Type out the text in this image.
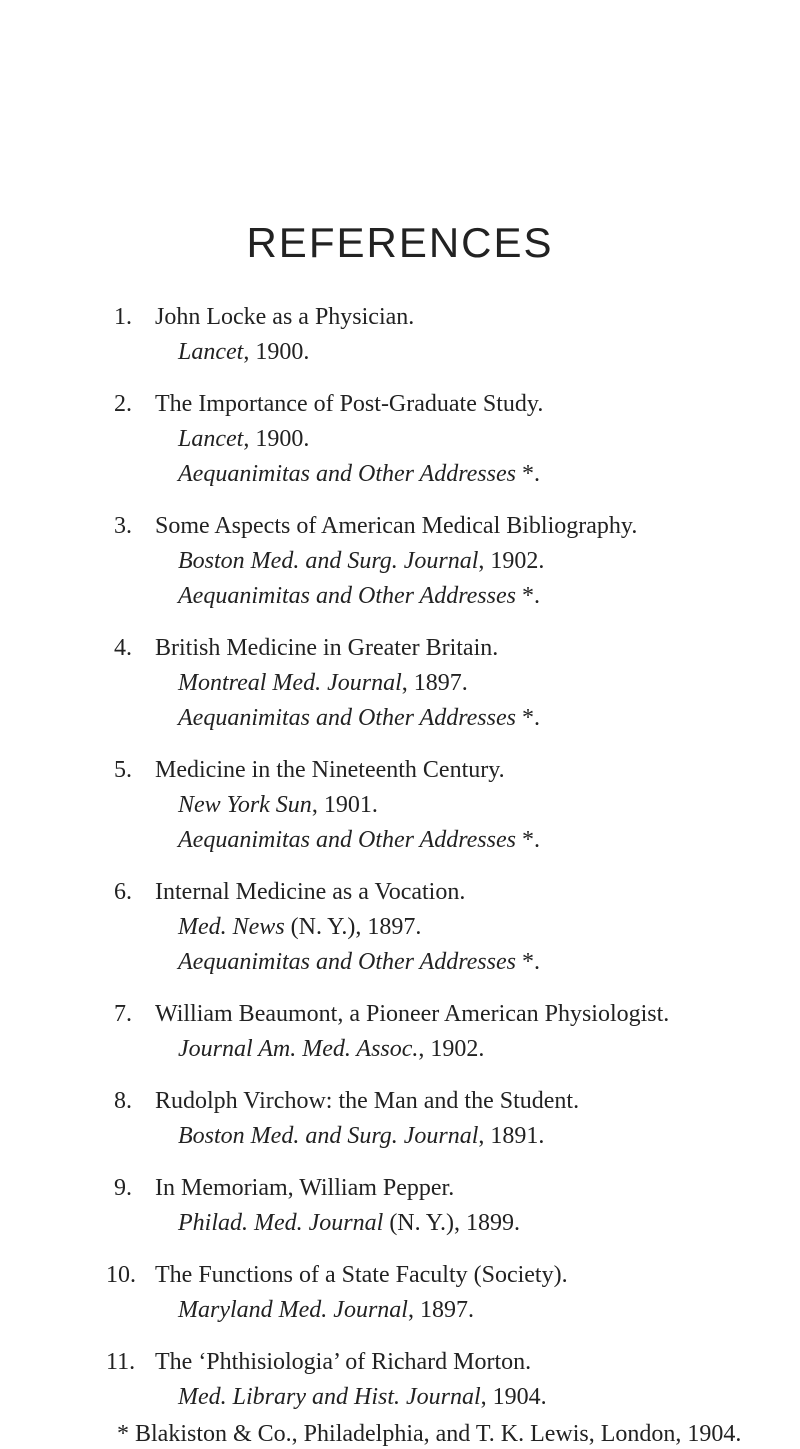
REFERENCES
1. John Locke as a Physician.
Lancet, 1900.
2. The Importance of Post-Graduate Study.
Lancet, 1900.
Aequanimitas and Other Addresses *.
3. Some Aspects of American Medical Bibliography.
Boston Med. and Surg. Journal, 1902.
Aequanimitas and Other Addresses *.
4. British Medicine in Greater Britain.
Montreal Med. Journal, 1897.
Aequanimitas and Other Addresses *.
5. Medicine in the Nineteenth Century.
New York Sun, 1901.
Aequanimitas and Other Addresses *.
6. Internal Medicine as a Vocation.
Med. News (N. Y.), 1897.
Aequanimitas and Other Addresses *.
7. William Beaumont, a Pioneer American Physiologist.
Journal Am. Med. Assoc., 1902.
8. Rudolph Virchow: the Man and the Student.
Boston Med. and Surg. Journal, 1891.
9. In Memoriam, William Pepper.
Philad. Med. Journal (N. Y.), 1899.
10. The Functions of a State Faculty (Society).
Maryland Med. Journal, 1897.
11. The ‘Phthisiologia’ of Richard Morton.
Med. Library and Hist. Journal, 1904.
* Blakiston & Co., Philadelphia, and T. K. Lewis, London, 1904.
